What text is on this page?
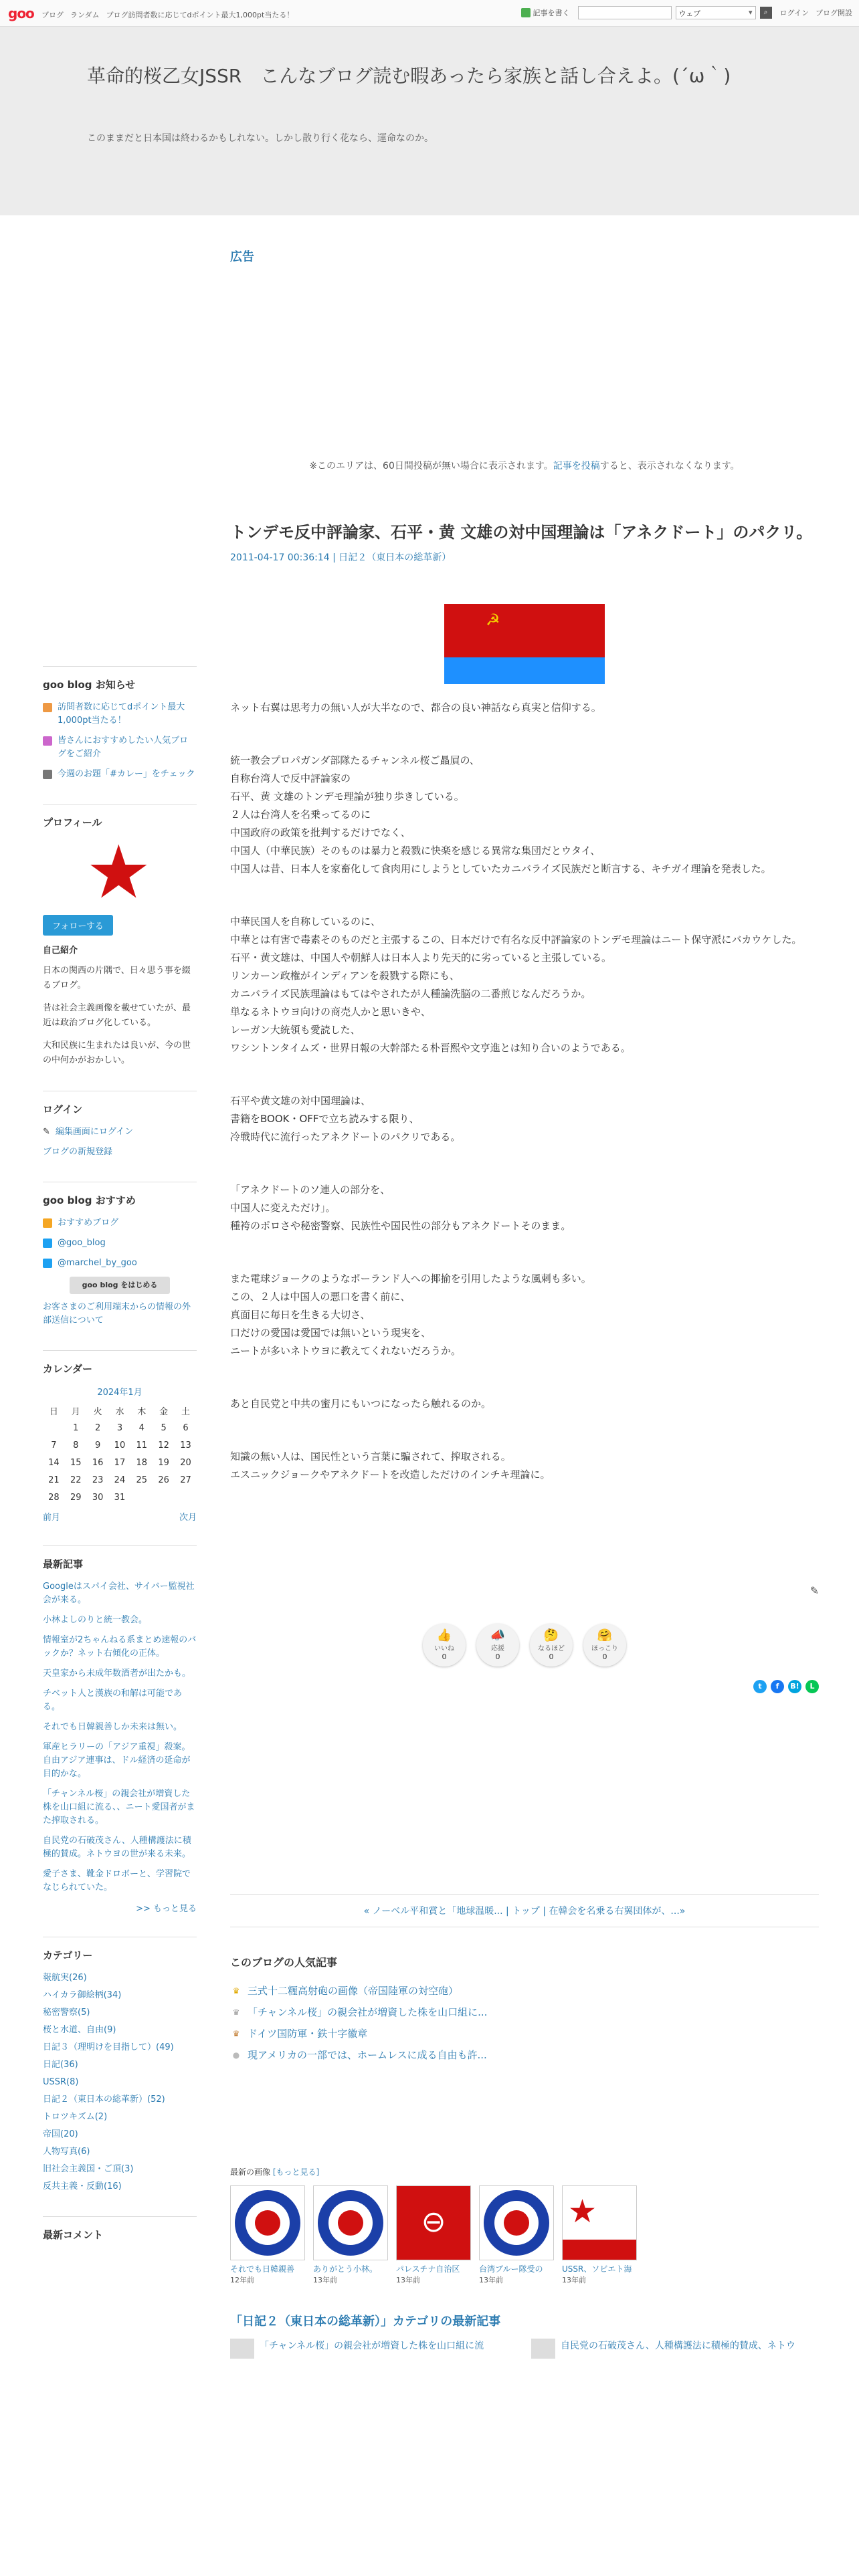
goo ブログ ランダム ブログ訪問者数に応じてdポイント最大1,000pt当たる！	記事を書く	ウェブ ▾	⌕	ログイン ブログ開設
革命的桜乙女JSSR　こんなブログ読む暇あったら家族と話し合えよ。(´ω｀)
このままだと日本国は終わるかもしれない。しかし散り行く花なら、運命なのか。
広告
※このエリアは、60日間投稿が無い場合に表示されます。記事を投稿すると、表示されなくなります。
トンデモ反中評論家、石平・黄 文雄の対中国理論は「アネクドート」のパクリ。
2011-04-17 00:36:14 | 日記２（東日本の総革新）
☭
ネット右翼は思考力の無い人が大半なので、都合の良い神話なら真実と信仰する。
統一教会プロパガンダ部隊たるチャンネル桜ご贔屓の、
自称台湾人で反中評論家の
石平、黄 文雄のトンデモ理論が独り歩きしている。
２人は台湾人を名乗ってるのに
中国政府の政策を批判するだけでなく、
中国人（中華民族）そのものは暴力と殺戮に快楽を感じる異常な集団だとウタイ、
中国人は昔、日本人を家畜化して食肉用にしようとしていたカニバライズ民族だと断言する、キチガイ理論を発表した。
中華民国人を自称しているのに、
中華とは有害で毒素そのものだと主張するこの、日本だけで有名な反中評論家のトンデモ理論はニート保守派にバカウケした。
石平・黄文雄は、中国人や朝鮮人は日本人より先天的に劣っていると主張している。
リンカーン政権がインディアンを殺戮する際にも、
カニバライズ民族理論はもてはやされたが人種論洗脳の二番煎じなんだろうか。
単なるネトウヨ向けの商売人かと思いきや、
レーガン大統領も愛読した、
ワシントンタイムズ・世界日報の大幹部たる朴晋熙や文亨進とは知り合いのようである。
石平や黄文雄の対中国理論は、
書籍をBOOK・OFFで立ち読みする限り、
冷戦時代に流行ったアネクドートのパクリである。
「アネクドートのソ連人の部分を、
中国人に変えただけ」。
種袴のポロさや秘密警察、民族性や国民性の部分もアネクドートそのまま。
また電球ジョークのようなポーランド人への揶揄を引用したような風刺も多い。
この、２人は中国人の悪口を書く前に、
真面目に毎日を生きる大切さ、
口だけの愛国は愛国では無いという現実を、
ニートが多いネトウヨに教えてくれないだろうか。
あと自民党と中共の蜜月にもいつになったら触れるのか。
知識の無い人は、国民性という言葉に騙されて、搾取される。
エスニックジョークやアネクドートを改造しただけのインチキ理論に。
✎
👍
いいね
0
📣
応援
0
🤔
なるほど
0
🤗
ほっこり
0
t	f	B!	L
« ノーベル平和賞と「地球温暖... | トップ | 在韓会を名乗る右翼団体が、...»
このブログの人気記事
♛ 三式十二糎高射砲の画像（帝国陸軍の対空砲）
♛ 「チャンネル桜」の親会社が増資した株を山口組に...
♛ ドイツ国防軍・鉄十字徽章
● 現アメリカの一部では、ホームレスに成る自由も許...
最新の画像 [もっと見る]
それでも日韓親善
12年前
ありがとう小林。
13年前
⊖
パレスチナ自治区
13年前
台湾ブルー隊受の
13年前
★
USSR、ソビエト海
13年前
「日記２（東日本の総革新）」カテゴリの最新記事
「チャンネル桜」の親会社が増資した株を山口組に流	自民党の石破茂さん、人種構護法に積極的賛成、ネトウ
goo blog お知らせ
訪問者数に応じてdポイント最大1,000pt当たる！
皆さんにおすすめしたい人気ブログをご紹介
今週のお題「#カレー」をチェック
プロフィール
★
フォローする

自己紹介

日本の関西の片隅で、日々思う事を綴るブログ。

昔は社会主義画像を載せていたが、最近は政治ブログ化している。

大和民族に生まれたは良いが、今の世の中何かがおかしい。

ログイン
✎ 編集画面にログイン
ブログの新規登録
goo blog おすすめ
おすすめブログ
@goo_blog
@marchel_by_goo
goo blog をはじめる
お客さまのご利用端末からの情報の外部送信について
カレンダー
2024年1月
日	月	火	水	木	金	土
	1	2	3	4	5	6
7	8	9	10	11	12	13
14	15	16	17	18	19	20
21	22	23	24	25	26	27
28	29	30	31			
前月	次月
最新記事
Googleはスパイ会社、サイバー監視社会が来る。
小林よしのりと統一教会。
情報室が2ちゃんねる系まとめ速報のバックか？ネット右傾化の正体。
天皇家から未成年数酒者が出たかも。
チベット人と漢族の和解は可能である。
それでも日韓親善しか未来は無い。
軍産ヒラリーの「アジア重視」殺案。自由アジア連事は、ドル経済の延命が目的かな。
「チャンネル桜」の親会社が増資した株を山口組に流る、、ニート愛国者がまた搾取される。
自民党の石破茂さん、人種構護法に積極的賛成。ネトウヨの世が来る未来。
愛子さま、靴金ドロボーと、学習院でなじられていた。
>> もっと見る
カテゴリー
報航実(26)
ハイカラ御絵柄(34)
秘密警察(5)
桜と水道、自由(9)
日記３（理明けを目指して）(49)
日記(36)
USSR(8)
日記２（東日本の総革新）(52)
トロツキズム(2)
帝国(20)
人物写真(6)
旧社会主義国・ご頂(3)
反共主義・反動(16)
最新コメント
